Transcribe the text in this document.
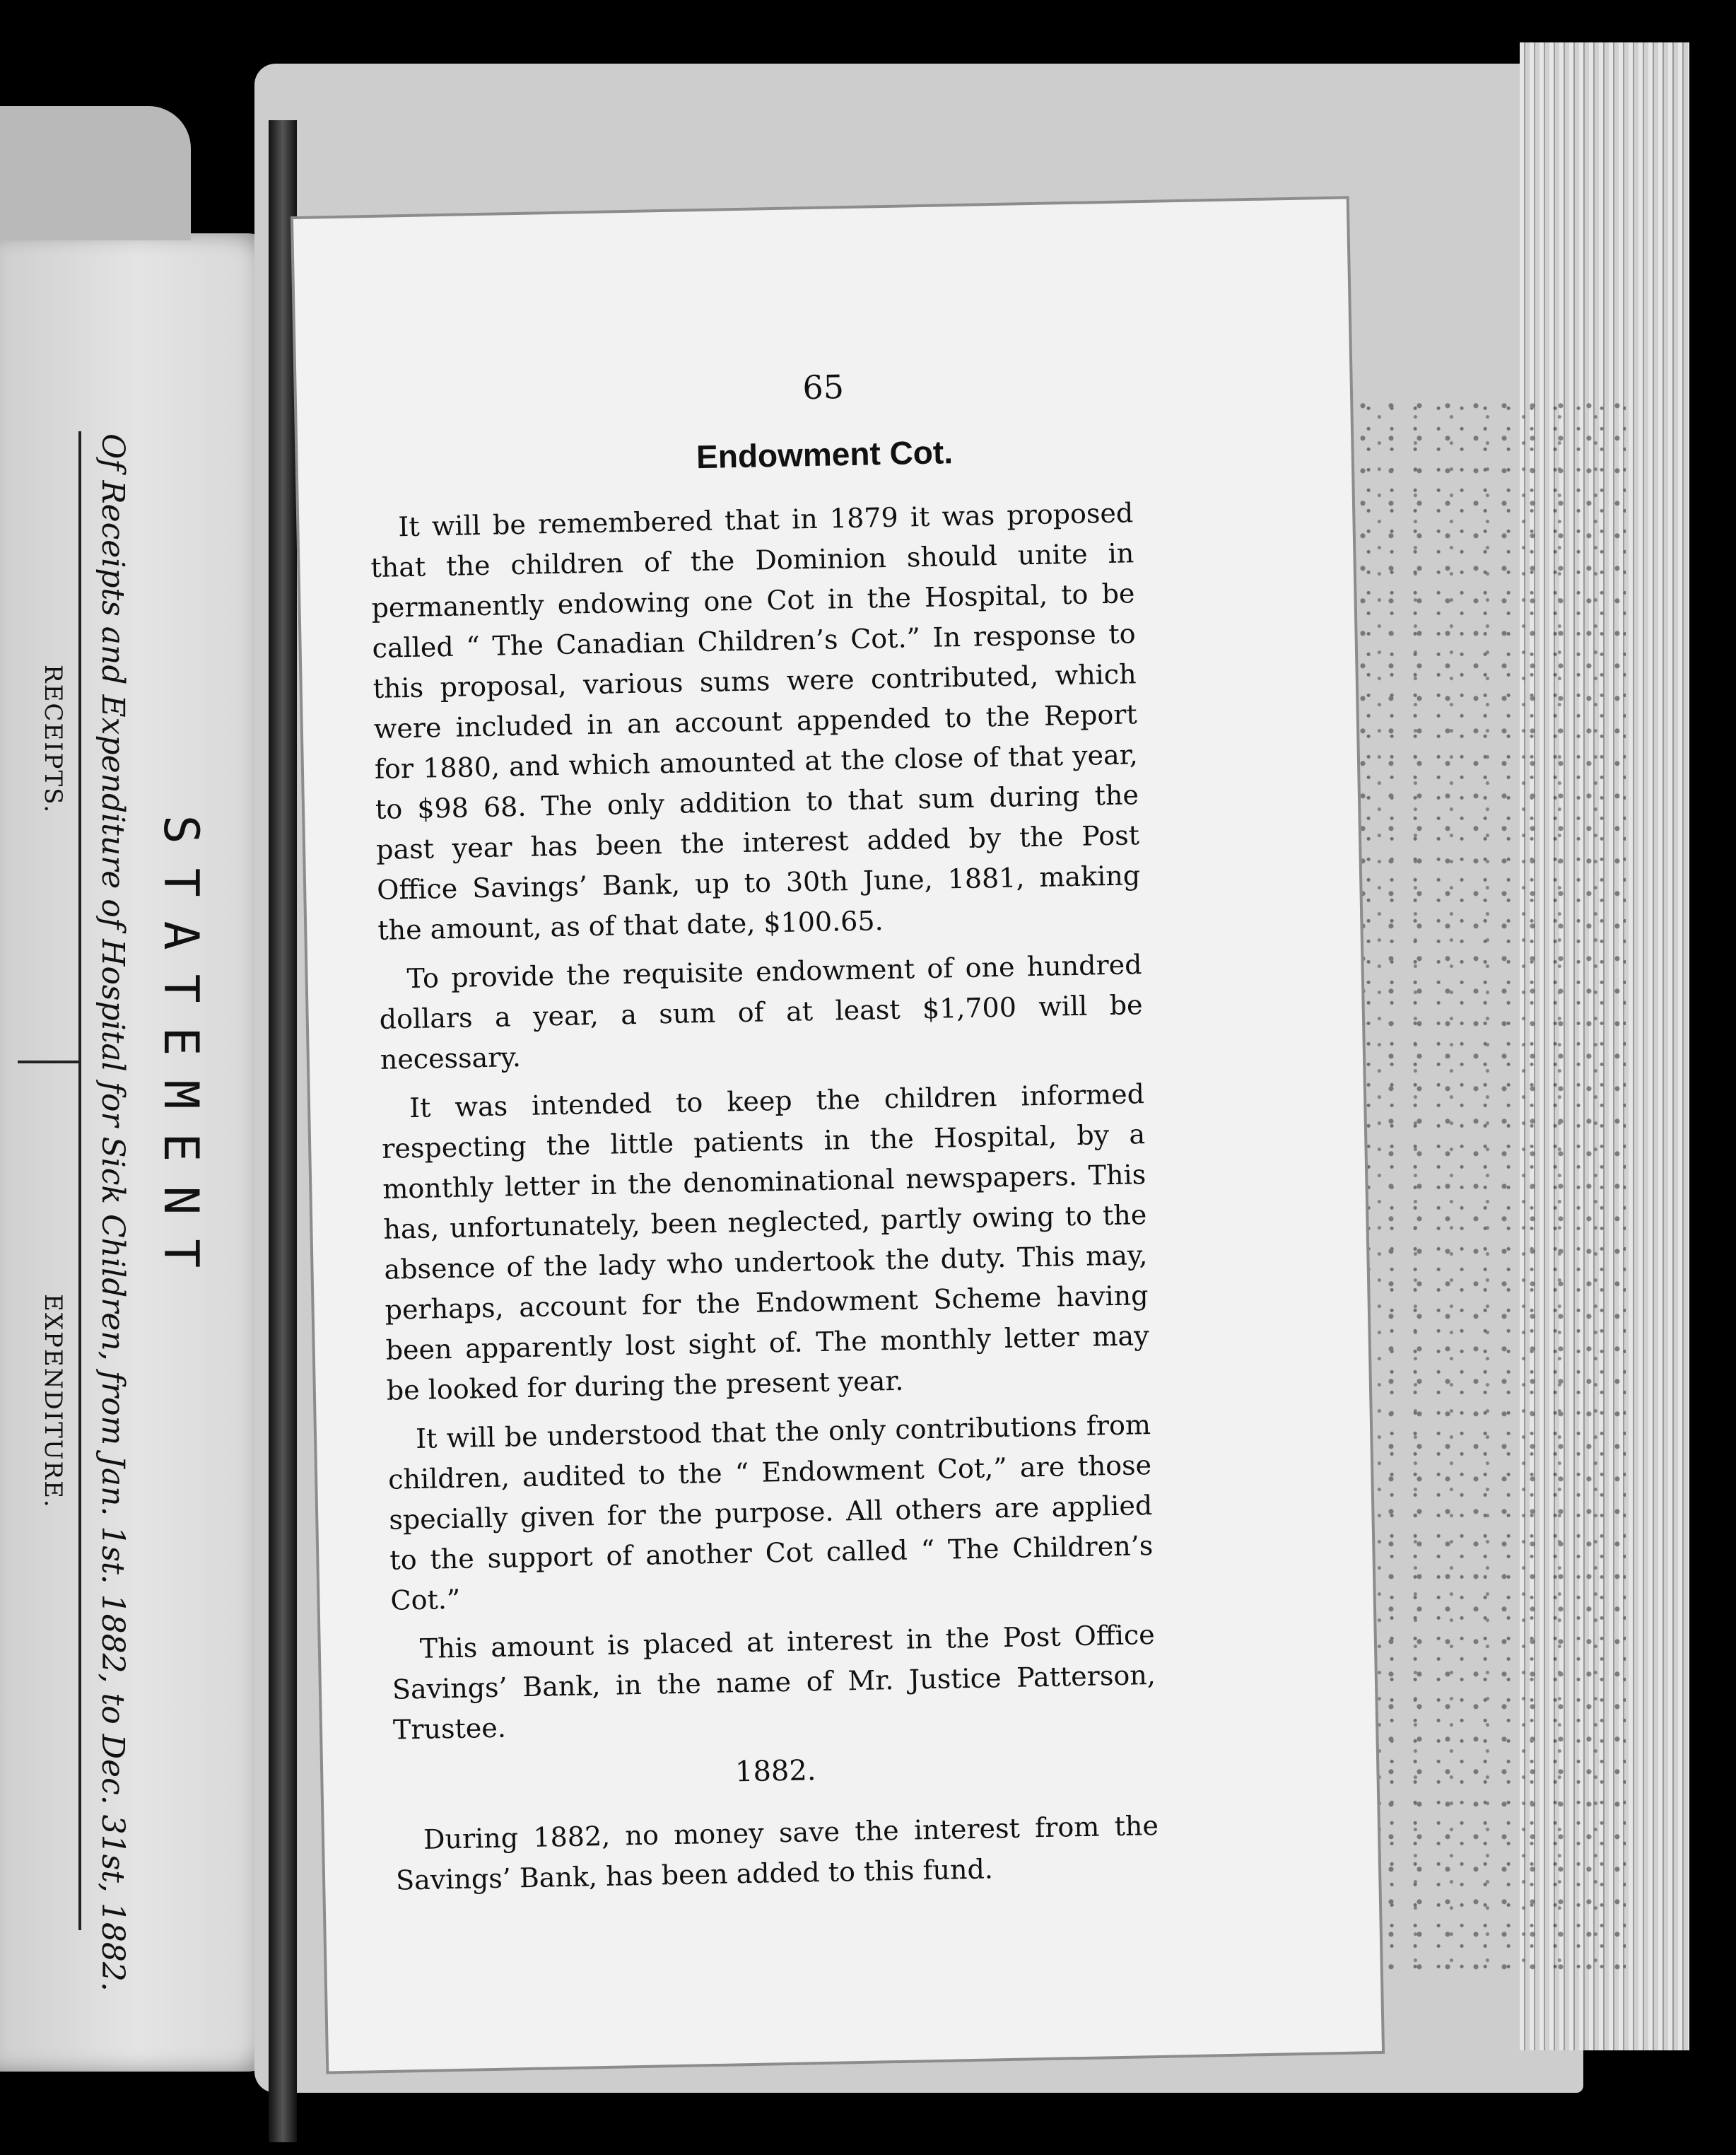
STATEMENT
Of Receipts and Expenditure of Hospital for Sick Children, from Jan. 1st. 1882, to Dec. 31st, 1882.
RECEIPTS.
EXPENDITURE.
65
Endowment Cot.

It will be remembered that in 1879 it was proposed that the children of the Dominion should unite in permanently endowing one Cot in the Hospital, to be called “ The Canadian Children’s Cot.” In response to this proposal, various sums were contributed, which were included in an account appended to the Report for 1880, and which amounted at the close of that year, to $98 68. The only addition to that sum during the past year has been the interest added by the Post Office Savings’ Bank, up to 30th June, 1881, making the amount, as of that date, $100.65.

To provide the requisite endowment of one hundred dollars a year, a sum of at least $1,700 will be necessary.

It was intended to keep the children informed respecting the little patients in the Hospital, by a monthly letter in the denominational newspapers. This has, unfortunately, been neglected, partly owing to the absence of the lady who undertook the duty. This may, perhaps, account for the Endowment Scheme having been apparently lost sight of. The monthly letter may be looked for during the present year.

It will be understood that the only contributions from children, audited to the “ Endowment Cot,” are those specially given for the purpose. All others are applied to the support of another Cot called “ The Children’s Cot.”

This amount is placed at interest in the Post Office Savings’ Bank, in the name of Mr. Justice Patterson, Trustee.

1882.

During 1882, no money save the interest from the Savings’ Bank, has been added to this fund.
